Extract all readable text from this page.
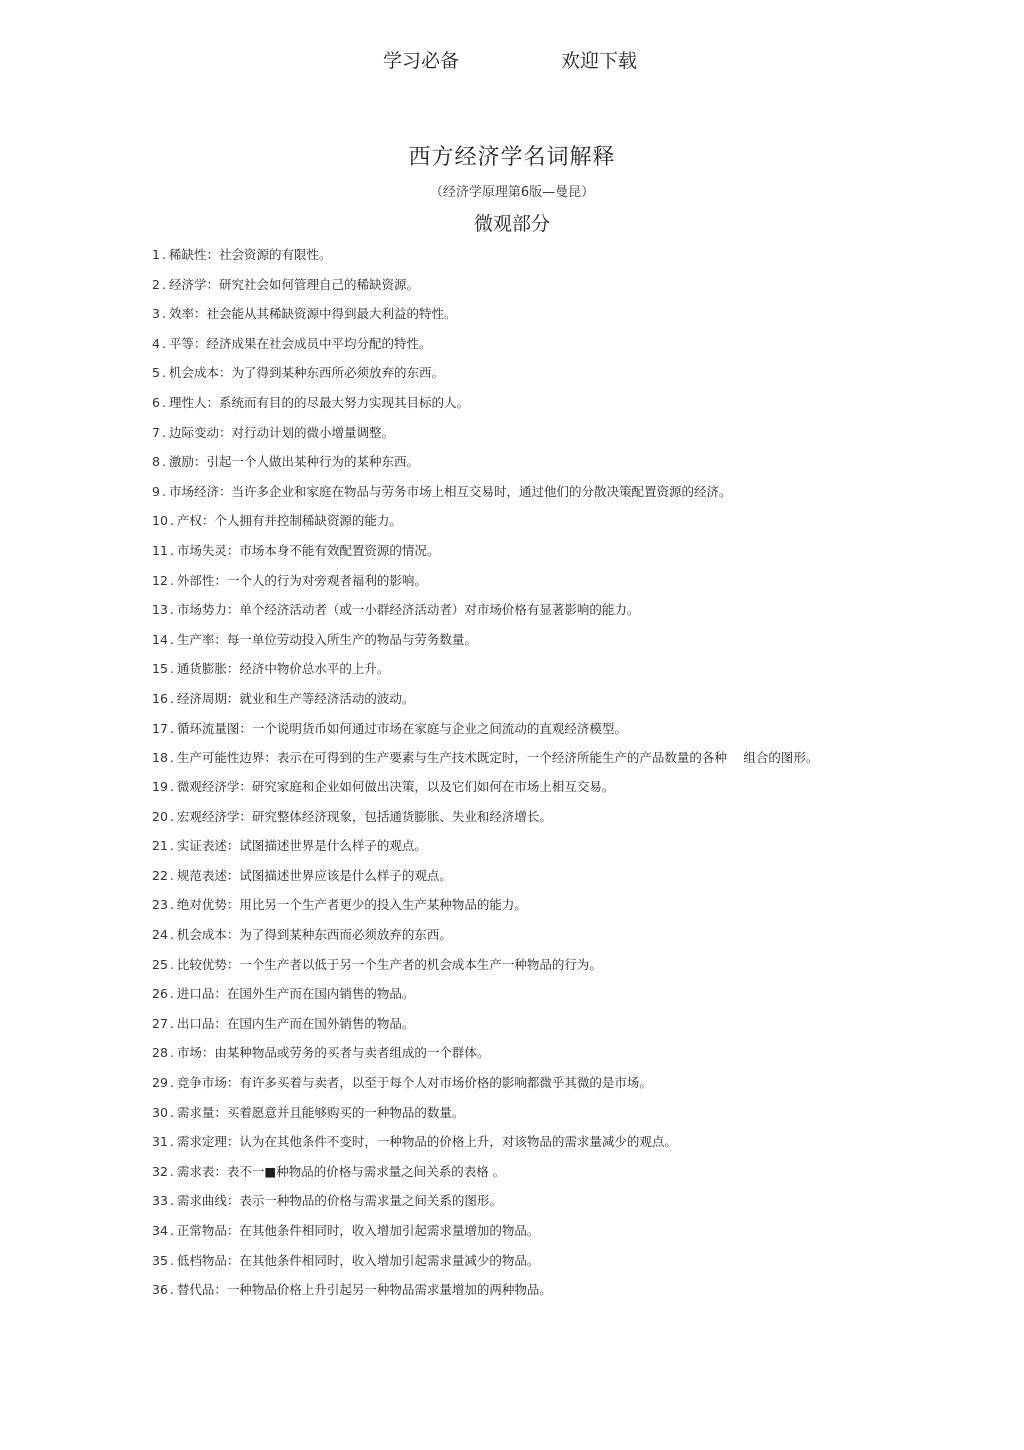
学习必备	欢迎下载
西方经济学名词解释
（经济学原理第6版—曼昆）
微观部分
1 . 稀缺性：社会资源的有限性。
2 . 经济学：研究社会如何管理自己的稀缺资源。
3 . 效率：社会能从其稀缺资源中得到最大利益的特性。
4 . 平等：经济成果在社会成员中平均分配的特性。
5 . 机会成本：为了得到某种东西所必须放弃的东西。
6 . 理性人：系统而有目的的尽最大努力实现其目标的人。
7 . 边际变动：对行动计划的微小增量调整。
8 . 激励：引起一个人做出某种行为的某种东西。
9 . 市场经济：当许多企业和家庭在物品与劳务市场上相互交易时，通过他们的分散决策配置资源的经济。
10 . 产权：个人拥有并控制稀缺资源的能力。
11 . 市场失灵：市场本身不能有效配置资源的情况。
12 . 外部性：一个人的行为对旁观者福利的影响。
13 . 市场势力：单个经济活动者（或一小群经济活动者）对市场价格有显著影响的能力。
14 . 生产率：每一单位劳动投入所生产的物品与劳务数量。
15 . 通货膨胀：经济中物价总水平的上升。
16 . 经济周期：就业和生产等经济活动的波动。
17 . 循环流量图：一个说明货币如何通过市场在家庭与企业之间流动的直观经济模型。
18 . 生产可能性边界：表示在可得到的生产要素与生产技术既定时，一个经济所能生产的产品数量的各种　 组合的图形。
19 . 微观经济学：研究家庭和企业如何做出决策，以及它们如何在市场上相互交易。
20 . 宏观经济学：研究整体经济现象，包括通货膨胀、失业和经济增长。
21 . 实证表述：试图描述世界是什么样子的观点。
22 . 规范表述：试图描述世界应该是什么样子的观点。
23 . 绝对优势：用比另一个生产者更少的投入生产某种物品的能力。
24 . 机会成本：为了得到某种东西而必须放弃的东西。
25 . 比较优势：一个生产者以低于另一个生产者的机会成本生产一种物品的行为。
26 . 进口品：在国外生产而在国内销售的物品。
27 . 出口品：在国内生产而在国外销售的物品。
28 . 市场：由某种物品或劳务的买者与卖者组成的一个群体。
29 . 竞争市场：有许多买着与卖者，以至于每个人对市场价格的影响都微乎其微的是市场。
30 . 需求量：买着愿意并且能够购买的一种物品的数量。
31 . 需求定理：认为在其他条件不变时，一种物品的价格上升，对该物品的需求量减少的观点。
32 . 需求表：表不一■种物品的价格与需求量之间关系的表格 。
33 . 需求曲线：表示一种物品的价格与需求量之间关系的图形。
34 . 正常物品：在其他条件相同时，收入增加引起需求量增加的物品。
35 . 低档物品：在其他条件相同时，收入增加引起需求量减少的物品。
36 . 替代品：一种物品价格上升引起另一种物品需求量增加的两种物品。
